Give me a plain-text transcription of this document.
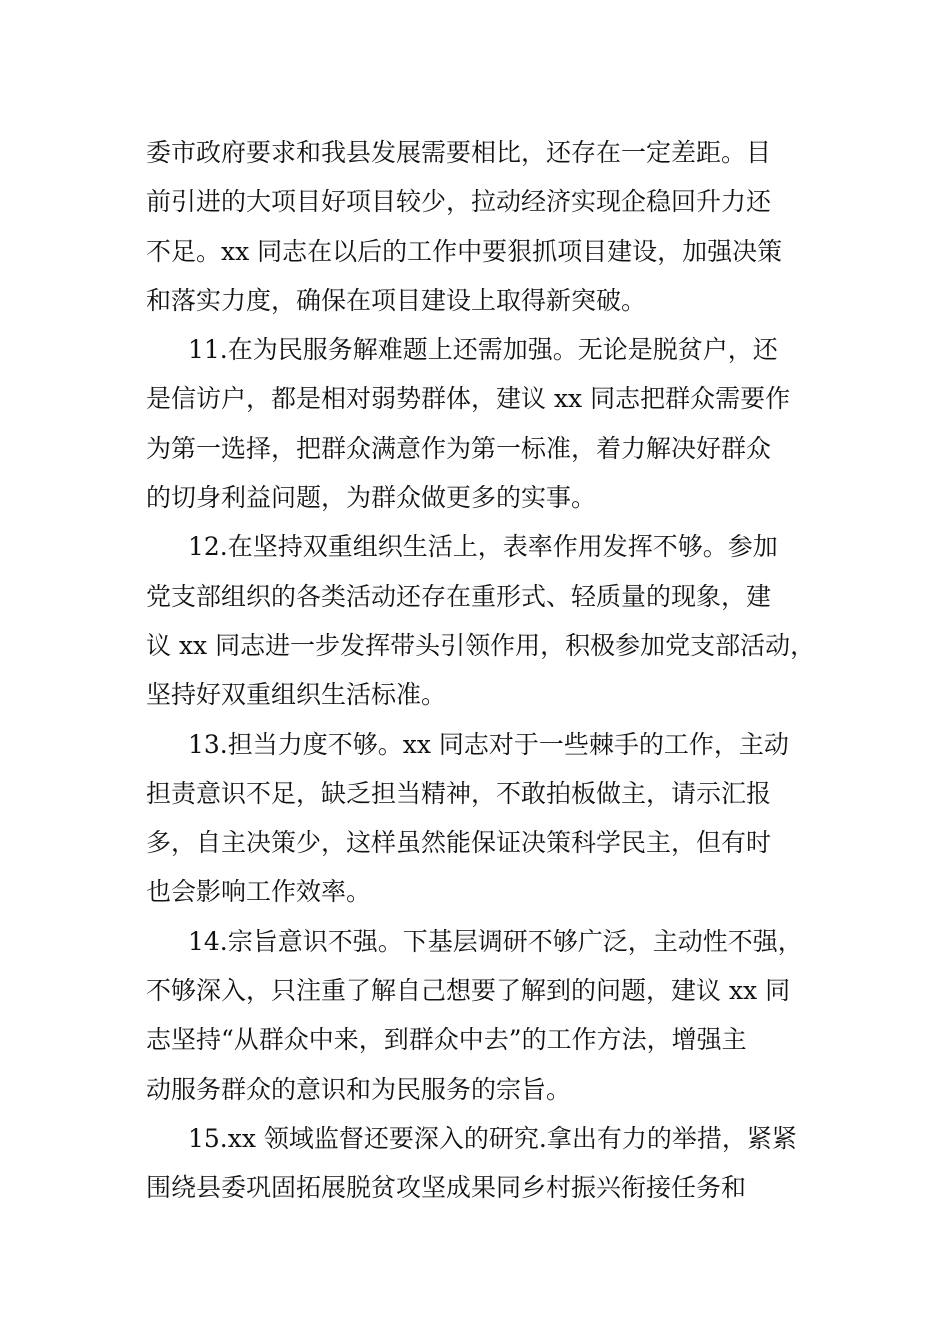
委市政府要求和我县发展需要相比，还存在一定差距。目

前引进的大项目好项目较少，拉动经济实现企稳回升力还

不足。xx 同志在以后的工作中要狠抓项目建设，加强决策

和落实力度，确保在项目建设上取得新突破。

11.在为民服务解难题上还需加强。无论是脱贫户，还

是信访户，都是相对弱势群体，建议 xx 同志把群众需要作

为第一选择，把群众满意作为第一标准，着力解决好群众

的切身利益问题，为群众做更多的实事。

12.在坚持双重组织生活上，表率作用发挥不够。参加

党支部组织的各类活动还存在重形式、轻质量的现象，建

议 xx 同志进一步发挥带头引领作用，积极参加党支部活动，

坚持好双重组织生活标准。

13.担当力度不够。xx 同志对于一些棘手的工作，主动

担责意识不足，缺乏担当精神，不敢拍板做主，请示汇报

多，自主决策少，这样虽然能保证决策科学民主，但有时

也会影响工作效率。

14.宗旨意识不强。下基层调研不够广泛，主动性不强，

不够深入，只注重了解自己想要了解到的问题，建议 xx 同

志坚持“从群众中来，到群众中去”的工作方法，增强主

动服务群众的意识和为民服务的宗旨。

15.xx 领域监督还要深入的研究.拿出有力的举措，紧紧

围绕县委巩固拓展脱贫攻坚成果同乡村振兴衔接任务和
